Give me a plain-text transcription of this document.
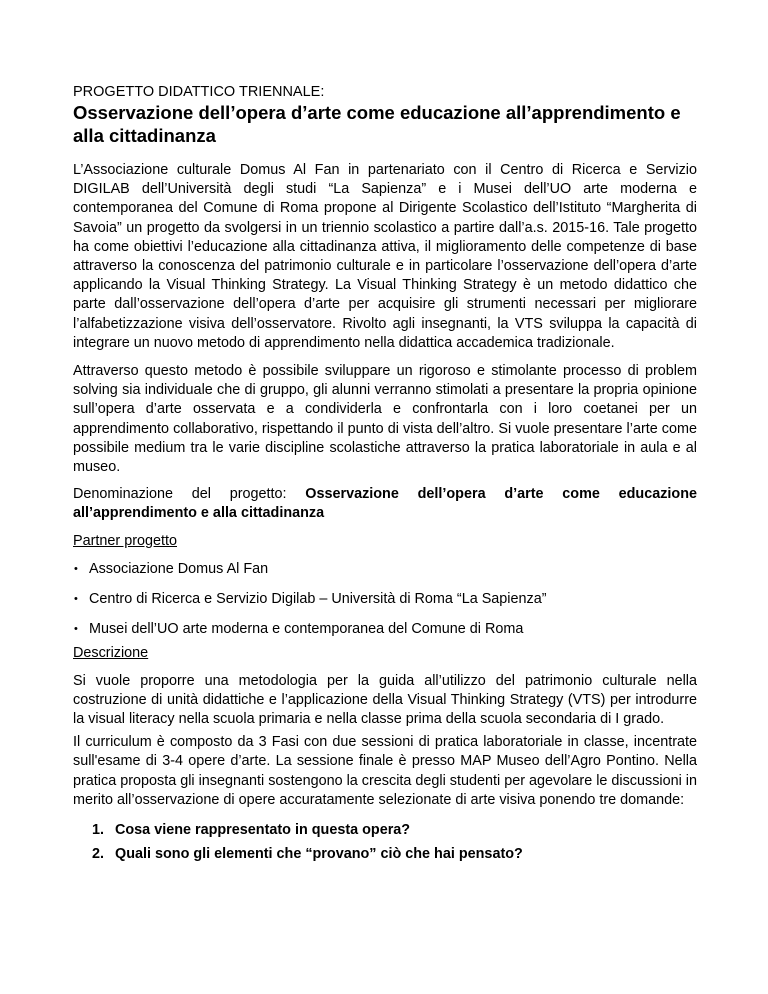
PROGETTO DIDATTICO TRIENNALE:

Osservazione dell’opera d’arte come educazione all’apprendimento e alla cittadinanza

L’Associazione culturale Domus Al Fan in partenariato con il Centro di Ricerca e Servizio DIGILAB dell’Università degli studi “La Sapienza” e i Musei dell’UO arte moderna e contemporanea del Comune di Roma propone al Dirigente Scolastico dell’Istituto “Margherita di Savoia” un progetto da svolgersi in un triennio scolastico a partire dall’a.s. 2015-16. Tale progetto ha come obiettivi l’educazione alla cittadinanza attiva, il miglioramento delle competenze di base attraverso la conoscenza del patrimonio culturale e in particolare l’osservazione dell’opera d’arte applicando la Visual Thinking Strategy. La Visual Thinking Strategy è un metodo didattico che parte dall’osservazione dell’opera d’arte per acquisire gli strumenti necessari per migliorare l’alfabetizzazione visiva dell’osservatore. Rivolto agli insegnanti, la VTS sviluppa la capacità di integrare un nuovo metodo di apprendimento nella didattica accademica tradizionale.

Attraverso questo metodo è possibile sviluppare un rigoroso e stimolante processo di problem solving sia individuale che di gruppo, gli alunni verranno stimolati a presentare la propria opinione sull’opera d’arte osservata e a condividerla e confrontarla con i loro coetanei per un apprendimento collaborativo, rispettando il punto di vista dell’altro. Si vuole presentare l’arte come possibile medium tra le varie discipline scolastiche attraverso la pratica laboratoriale in aula e al museo.

Denominazione del progetto: Osservazione dell’opera d’arte come educazione all’apprendimento e alla cittadinanza

Partner progetto
• Associazione Domus Al Fan
• Centro di Ricerca e Servizio Digilab – Università di Roma “La Sapienza”
• Musei dell’UO arte moderna e contemporanea del Comune di Roma
Descrizione

Si vuole proporre una metodologia per la guida all’utilizzo del patrimonio culturale nella costruzione di unità didattiche e l’applicazione della Visual Thinking Strategy (VTS) per introdurre la visual literacy nella scuola primaria e nella classe prima della scuola secondaria di I grado.

Il curriculum è composto da 3 Fasi con due sessioni di pratica laboratoriale in classe, incentrate sull'esame di 3-4 opere d’arte. La sessione finale è presso MAP Museo dell’Agro Pontino. Nella pratica proposta gli insegnanti sostengono la crescita degli studenti per agevolare le discussioni in merito all’osservazione di opere accuratamente selezionate di arte visiva ponendo tre domande:

1. Cosa viene rappresentato in questa opera?
2. Quali sono gli elementi che “provano” ciò che hai pensato?
